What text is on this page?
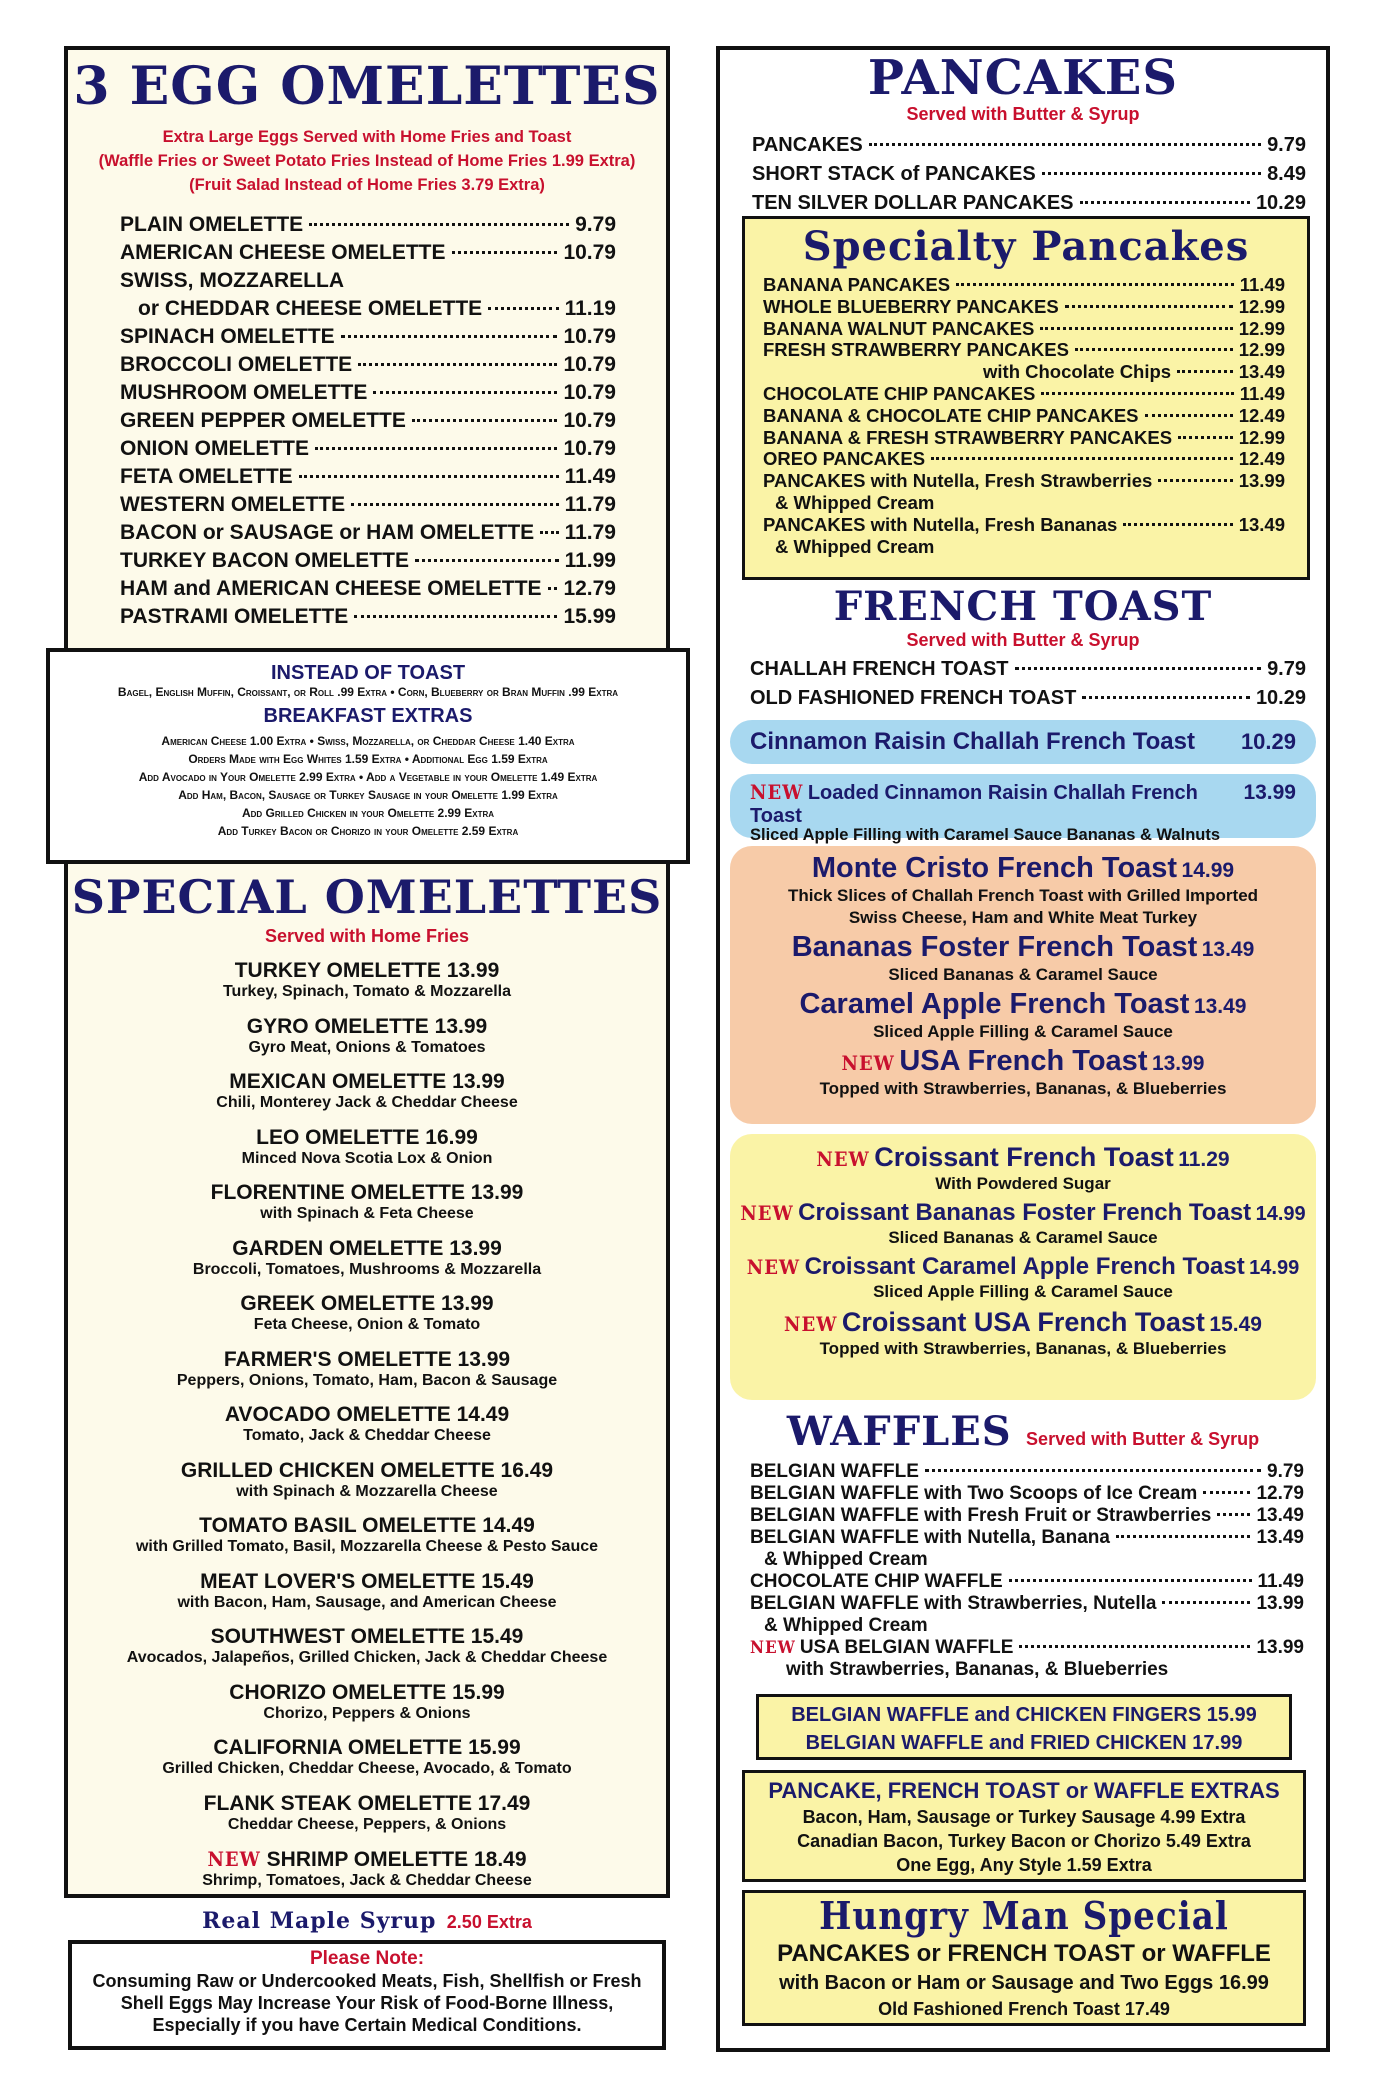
3 EGG OMELETTES
Extra Large Eggs Served with Home Fries and Toast
(Waffle Fries or Sweet Potato Fries Instead of Home Fries 1.99 Extra)
(Fruit Salad Instead of Home Fries 3.79 Extra)
PLAIN OMELETTE	9.79
AMERICAN CHEESE OMELETTE	10.79
SWISS, MOZZARELLA
or CHEDDAR CHEESE OMELETTE	11.19
SPINACH OMELETTE	10.79
BROCCOLI OMELETTE	10.79
MUSHROOM OMELETTE	10.79
GREEN PEPPER OMELETTE	10.79
ONION OMELETTE	10.79
FETA OMELETTE	11.49
WESTERN OMELETTE	11.79
BACON or SAUSAGE or HAM OMELETTE 11.79
TURKEY BACON OMELETTE	11.99
HAM and AMERICAN CHEESE OMELETTE 12.79
PASTRAMI OMELETTE	15.99
INSTEAD OF TOAST
Bagel, English Muffin, Croissant, or Roll .99 Extra • Corn, Blueberry or Bran Muffin .99 Extra
BREAKFAST EXTRAS
American Cheese 1.00 Extra • Swiss, Mozzarella, or Cheddar Cheese 1.40 Extra
Orders Made with Egg Whites 1.59 Extra • Additional Egg 1.59 Extra
Add Avocado in Your Omelette 2.99 Extra • Add a Vegetable in your Omelette 1.49 Extra
Add Ham, Bacon, Sausage or Turkey Sausage in your Omelette 1.99 Extra
Add Grilled Chicken in your Omelette 2.99 Extra
Add Turkey Bacon or Chorizo in your Omelette 2.59 Extra
SPECIAL OMELETTES
Served with Home Fries
TURKEY OMELETTE 13.99
Turkey, Spinach, Tomato & Mozzarella
GYRO OMELETTE 13.99
Gyro Meat, Onions & Tomatoes
MEXICAN OMELETTE 13.99
Chili, Monterey Jack & Cheddar Cheese
LEO OMELETTE 16.99
Minced Nova Scotia Lox & Onion
FLORENTINE OMELETTE 13.99
with Spinach & Feta Cheese
GARDEN OMELETTE 13.99
Broccoli, Tomatoes, Mushrooms & Mozzarella
GREEK OMELETTE 13.99
Feta Cheese, Onion & Tomato
FARMER'S OMELETTE 13.99
Peppers, Onions, Tomato, Ham, Bacon & Sausage
AVOCADO OMELETTE 14.49
Tomato, Jack & Cheddar Cheese
GRILLED CHICKEN OMELETTE 16.49
with Spinach & Mozzarella Cheese
TOMATO BASIL OMELETTE 14.49
with Grilled Tomato, Basil, Mozzarella Cheese & Pesto Sauce
MEAT LOVER'S OMELETTE 15.49
with Bacon, Ham, Sausage, and American Cheese
SOUTHWEST OMELETTE 15.49
Avocados, Jalapeños, Grilled Chicken, Jack & Cheddar Cheese
CHORIZO OMELETTE 15.99
Chorizo, Peppers & Onions
CALIFORNIA OMELETTE 15.99
Grilled Chicken, Cheddar Cheese, Avocado, & Tomato
FLANK STEAK OMELETTE 17.49
Cheddar Cheese, Peppers, & Onions
NEW SHRIMP OMELETTE 18.49
Shrimp, Tomatoes, Jack & Cheddar Cheese
Real Maple Syrup 2.50 Extra
Please Note:
Consuming Raw or Undercooked Meats, Fish, Shellfish or Fresh Shell Eggs May Increase Your Risk of Food-Borne Illness, Especially if you have Certain Medical Conditions.
PANCAKES
Served with Butter & Syrup
PANCAKES	9.79
SHORT STACK of PANCAKES	8.49
TEN SILVER DOLLAR PANCAKES	10.29
Specialty Pancakes
BANANA PANCAKES	11.49
WHOLE BLUEBERRY PANCAKES	12.99
BANANA WALNUT PANCAKES	12.99
FRESH STRAWBERRY PANCAKES	12.99
with Chocolate Chips	13.49
CHOCOLATE CHIP PANCAKES	11.49
BANANA & CHOCOLATE CHIP PANCAKES	12.49
BANANA & FRESH STRAWBERRY PANCAKES	12.99
OREO PANCAKES	12.49
PANCAKES with Nutella, Fresh Strawberries	13.99
& Whipped Cream
PANCAKES with Nutella, Fresh Bananas	13.49
& Whipped Cream
FRENCH TOAST
Served with Butter & Syrup
CHALLAH FRENCH TOAST	9.79
OLD FASHIONED FRENCH TOAST	10.29
Cinnamon Raisin Challah French Toast 10.29
NEW Loaded Cinnamon Raisin Challah French Toast
13.99
Sliced Apple Filling with Caramel Sauce Bananas & Walnuts
Monte Cristo French Toast 14.99
Thick Slices of Challah French Toast with Grilled Imported
Swiss Cheese, Ham and White Meat Turkey
Bananas Foster French Toast 13.49
Sliced Bananas & Caramel Sauce
Caramel Apple French Toast 13.49
Sliced Apple Filling & Caramel Sauce
NEW USA French Toast 13.99
Topped with Strawberries, Bananas, & Blueberries
NEW Croissant French Toast 11.29
With Powdered Sugar
NEW Croissant Bananas Foster French Toast 14.99
Sliced Bananas & Caramel Sauce
NEW Croissant Caramel Apple French Toast 14.99
Sliced Apple Filling & Caramel Sauce
NEW Croissant USA French Toast 15.49
Topped with Strawberries, Bananas, & Blueberries
WAFFLES Served with Butter & Syrup
BELGIAN WAFFLE	9.79
BELGIAN WAFFLE with Two Scoops of Ice Cream	12.79
BELGIAN WAFFLE with Fresh Fruit or Strawberries 13.49
BELGIAN WAFFLE with Nutella, Banana	13.49
& Whipped Cream
CHOCOLATE CHIP WAFFLE	11.49
BELGIAN WAFFLE with Strawberries, Nutella	13.99
& Whipped Cream
NEW USA BELGIAN WAFFLE	13.99
with Strawberries, Bananas, & Blueberries
BELGIAN WAFFLE and CHICKEN FINGERS 15.99
BELGIAN WAFFLE and FRIED CHICKEN 17.99
PANCAKE, FRENCH TOAST or WAFFLE EXTRAS
Bacon, Ham, Sausage or Turkey Sausage 4.99 Extra
Canadian Bacon, Turkey Bacon or Chorizo 5.49 Extra
One Egg, Any Style 1.59 Extra
Hungry Man Special
PANCAKES or FRENCH TOAST or WAFFLE
with Bacon or Ham or Sausage and Two Eggs 16.99
Old Fashioned French Toast 17.49
